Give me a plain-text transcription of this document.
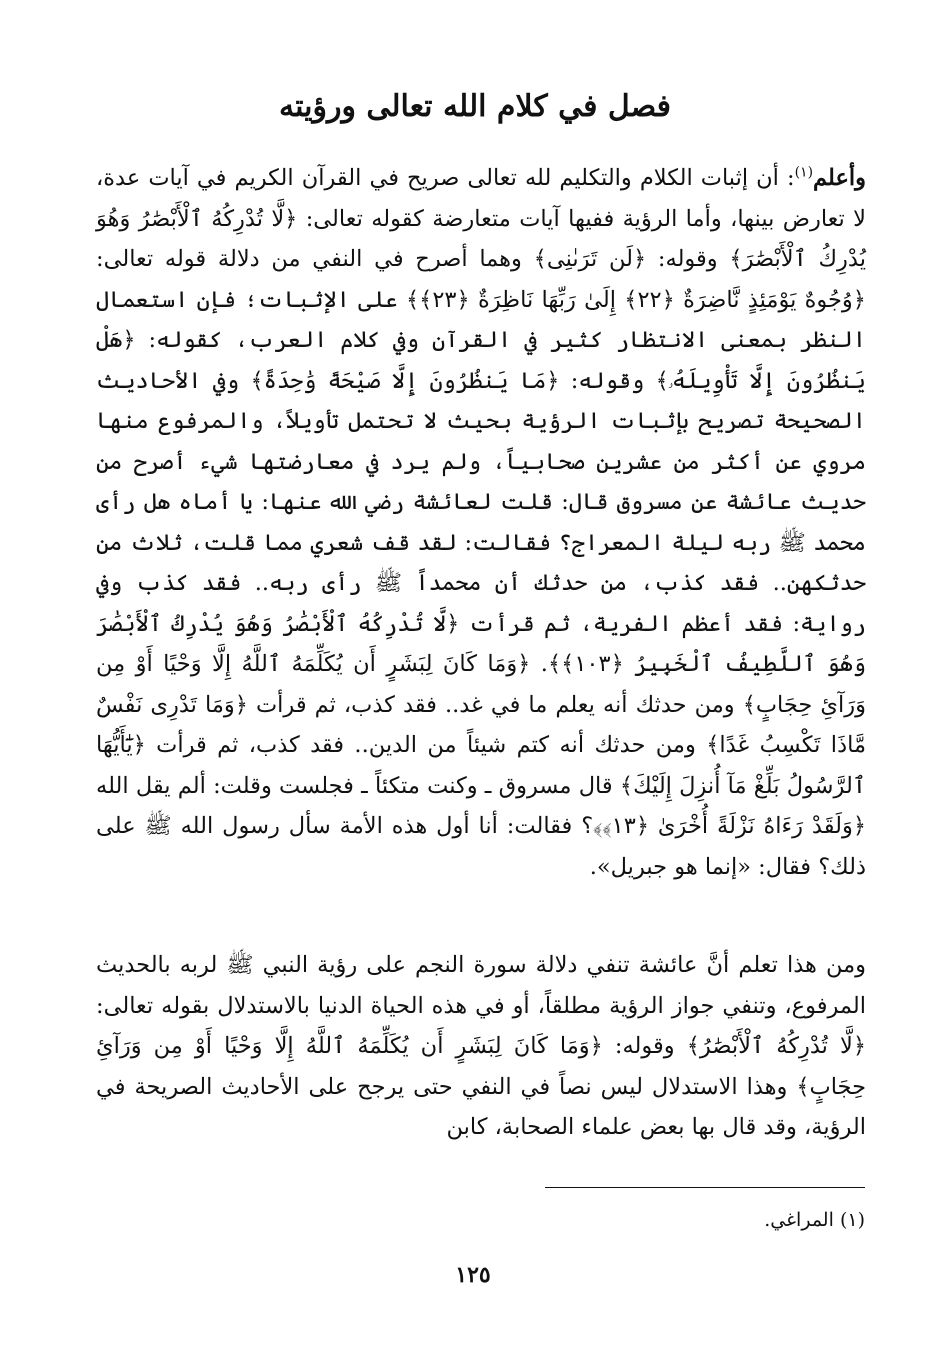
فصل في كلام الله تعالى ورؤيته

وأعلم$^{(١)}$: أن إثبات الكلام والتكليم لله تعالى صريح في القرآن الكريم في آيات عدة، لا تعارض بينها، وأما الرؤية ففيها آيات متعارضة كقوله تعالى: ﴿لَّا تُدْرِكُهُ ٱلْأَبْصَٰرُ وَهُوَ يُدْرِكُ ٱلْأَبْصَٰرَ﴾ وقوله: ﴿لَن تَرَىٰنِى﴾ وهما أصرح في النفي من دلالة قوله تعالى: ﴿وُجُوهٌ يَوْمَئِذٍ نَّاضِرَةٌ ﴿٢٢﴾ إِلَىٰ رَبِّهَا نَاظِرَةٌ ﴿٢٣﴾﴾ على الإثبات؛ فإن استعمال النظر بمعنى الانتظار كثير في القرآن وفي كلام العرب، كقوله: ﴿هَلْ يَنظُرُونَ إِلَّا تَأْوِيلَهُۥ﴾ وقوله: ﴿مَا يَنظُرُونَ إِلَّا صَيْحَةً وَٰحِدَةً﴾ وفي الأحاديث الصحيحة تصريح بإثبات الرؤية بحيث لا تحتمل تأويلاً، والمرفوع منها مروي عن أكثر من عشرين صحابياً، ولم يرد في معارضتها شيء أصرح من حديث عائشة عن مسروق قال: قلت لعائشة رضي الله عنها: يا أماه هل رأى محمد ﷺ ربه ليلة المعراج؟ فقالت: لقد قف شعري مما قلت، ثلاث من حدثكهن.. فقد كذب، من حدثك أن محمداً ﷺ رأى ربه.. فقد كذب وفي رواية: فقد أعظم الفرية، ثم قرأت ﴿لَّا تُدْرِكُهُ ٱلْأَبْصَٰرُ وَهُوَ يُدْرِكُ ٱلْأَبْصَٰرَ وَهُوَ ٱللَّطِيفُ ٱلْخَبِيرُ ﴿١٠٣﴾﴾. ﴿وَمَا كَانَ لِبَشَرٍ أَن يُكَلِّمَهُ ٱللَّهُ إِلَّا وَحْيًا أَوْ مِن وَرَآئِ حِجَابٍ﴾ ومن حدثك أنه يعلم ما في غد.. فقد كذب، ثم قرأت ﴿وَمَا تَدْرِى نَفْسٌ مَّاذَا تَكْسِبُ غَدًا﴾ ومن حدثك أنه كتم شيئاً من الدين.. فقد كذب، ثم قرأت ﴿يَٰٓأَيُّهَا ٱلرَّسُولُ بَلِّغْ مَآ أُنزِلَ إِلَيْكَ﴾ قال مسروق ـ وكنت متكئاً ـ فجلست وقلت: ألم يقل الله ﴿وَلَقَدْ رَءَاهُ نَزْلَةً أُخْرَىٰ ﴿١٣﴾﴾؟ فقالت: أنا أول هذه الأمة سأل رسول الله ﷺ على ذلك؟ فقال: «إنما هو جبريل».

ومن هذا تعلم أنَّ عائشة تنفي دلالة سورة النجم على رؤية النبي ﷺ لربه بالحديث المرفوع، وتنفي جواز الرؤية مطلقاً، أو في هذه الحياة الدنيا بالاستدلال بقوله تعالى: ﴿لَّا تُدْرِكُهُ ٱلْأَبْصَٰرُ﴾ وقوله: ﴿وَمَا كَانَ لِبَشَرٍ أَن يُكَلِّمَهُ ٱللَّهُ إِلَّا وَحْيًا أَوْ مِن وَرَآئِ حِجَابٍ﴾ وهذا الاستدلال ليس نصاً في النفي حتى يرجح على الأحاديث الصريحة في الرؤية، وقد قال بها بعض علماء الصحابة، كابن

(١) المراغي.

١٢٥
